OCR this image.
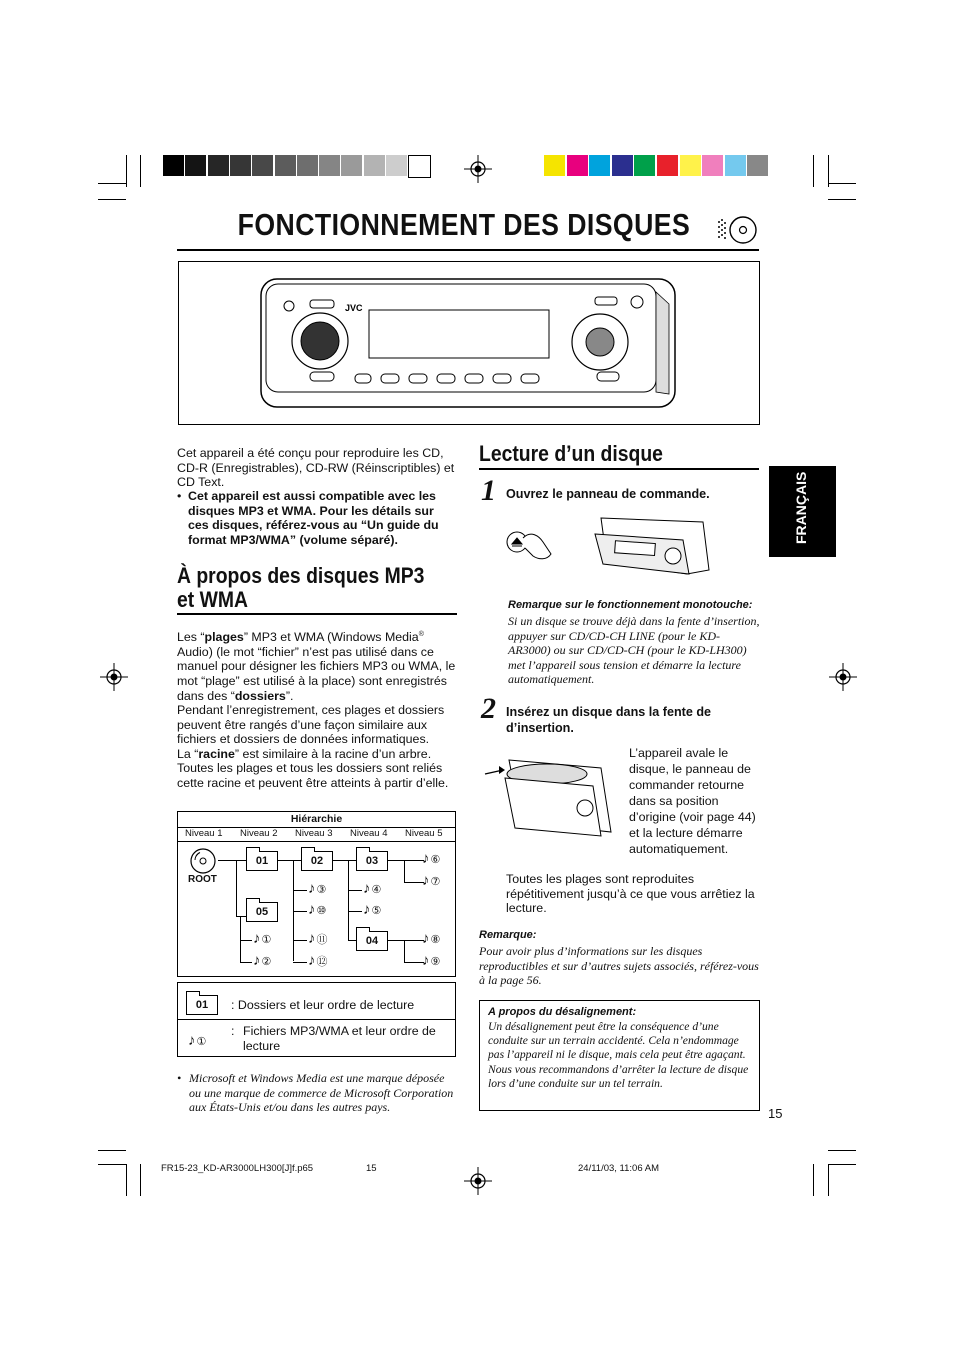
FONCTIONNEMENT DES DISQUES
JVC
FRANÇAIS
Cet appareil a été conçu pour reproduire les CD, CD-R (Enregistrables), CD-RW (Réinscriptibles) et CD Text.
• Cet appareil est aussi compatible avec les disques MP3 et WMA. Pour les détails sur ces disques, référez-vous au “Un guide du format MP3/WMA” (volume séparé).
À propos des disques MP3 et WMA
Les “plages” MP3 et WMA (Windows Media® Audio) (le mot “fichier” n’est pas utilisé dans ce manuel pour désigner les fichiers MP3 ou WMA, le mot “plage” est utilisé à la place) sont enregistrés dans des “dossiers”.
Pendant l’enregistrement, ces plages et dossiers peuvent être rangés d’une façon similaire aux fichiers et dossiers de données informatiques.
La “racine” est similaire à la racine d’un arbre. Toutes les plages et tous les dossiers sont reliés cette racine et peuvent être atteints à partir d’elle.
Hiérarchie
Niveau 1 Niveau 2 Niveau 3 Niveau 4 Niveau 5
ROOT
01	02	03
05
04
♪⑥
♪⑦
♪③ ♪④
♪⑩ ♪⑤
♪① ♪⑪	♪⑧
♪② ♪⑫	♪⑨
01	: Dossiers et leur ordre de lecture
♪①
: Fichiers MP3/WMA et leur ordre de lecture
• Microsoft et Windows Media est une marque déposée ou une marque de commerce de Microsoft Corporation aux États-Unis et/ou dans les autres pays.
Lecture d’un disque
1 Ouvrez le panneau de commande.
Remarque sur le fonctionnement monotouche:
Si un disque se trouve déjà dans la fente d’insertion, appuyer sur CD/CD-CH LINE (pour le KD-AR3000) ou sur CD/CD-CH (pour le KD-LH300) met l’appareil sous tension et démarre la lecture automatiquement.
2 Insérez un disque dans la fente de d’insertion.
L’appareil avale le disque, le panneau de commander retourne dans sa position d’origine (voir page 44) et la lecture démarre automatiquement.
Toutes les plages sont reproduites répétitivement jusqu’à ce que vous arrêtiez la lecture.
Remarque:
Pour avoir plus d’informations sur les disques reproductibles et sur d’autres sujets associés, référez-vous à la page 56.
A propos du désalignement:
Un désalignement peut être la conséquence d’une conduite sur un terrain accidenté. Cela n’endommage pas l’appareil ni le disque, mais cela peut être agaçant. Nous vous recommandons d’arrêter la lecture de disque lors d’une conduite sur un tel terrain.
15
FR15-23_KD-AR3000LH300[J]f.p65	15	24/11/03, 11:06 AM
